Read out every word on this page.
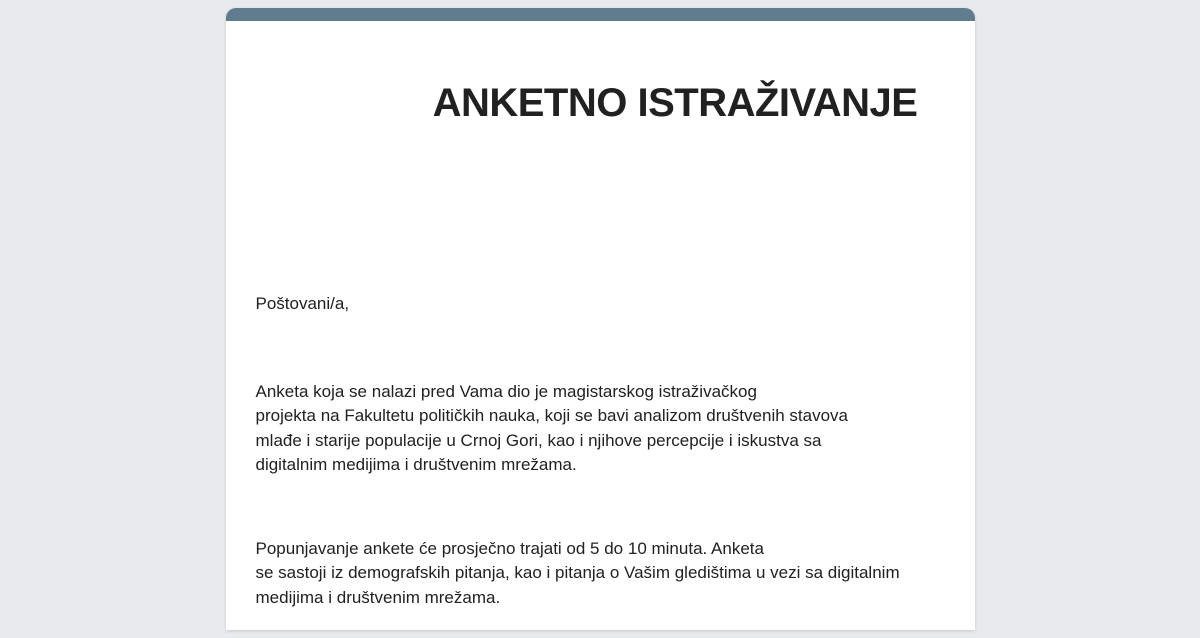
ANKETNO ISTRAŽIVANJE

Poštovani/a,

Anketa koja se nalazi pred Vama dio je magistarskog istraživačkog
projekta na Fakultetu političkih nauka, koji se bavi analizom društvenih stavova
mlađe i starije populacije u Crnoj Gori, kao i njihove percepcije i iskustva sa
digitalnim medijima i društvenim mrežama.
Popunjavanje ankete će prosječno trajati od 5 do 10 minuta. Anketa
se sastoji iz demografskih pitanja, kao i pitanja o Vašim gledištima u vezi sa digitalnim
medijima i društvenim mrežama.
